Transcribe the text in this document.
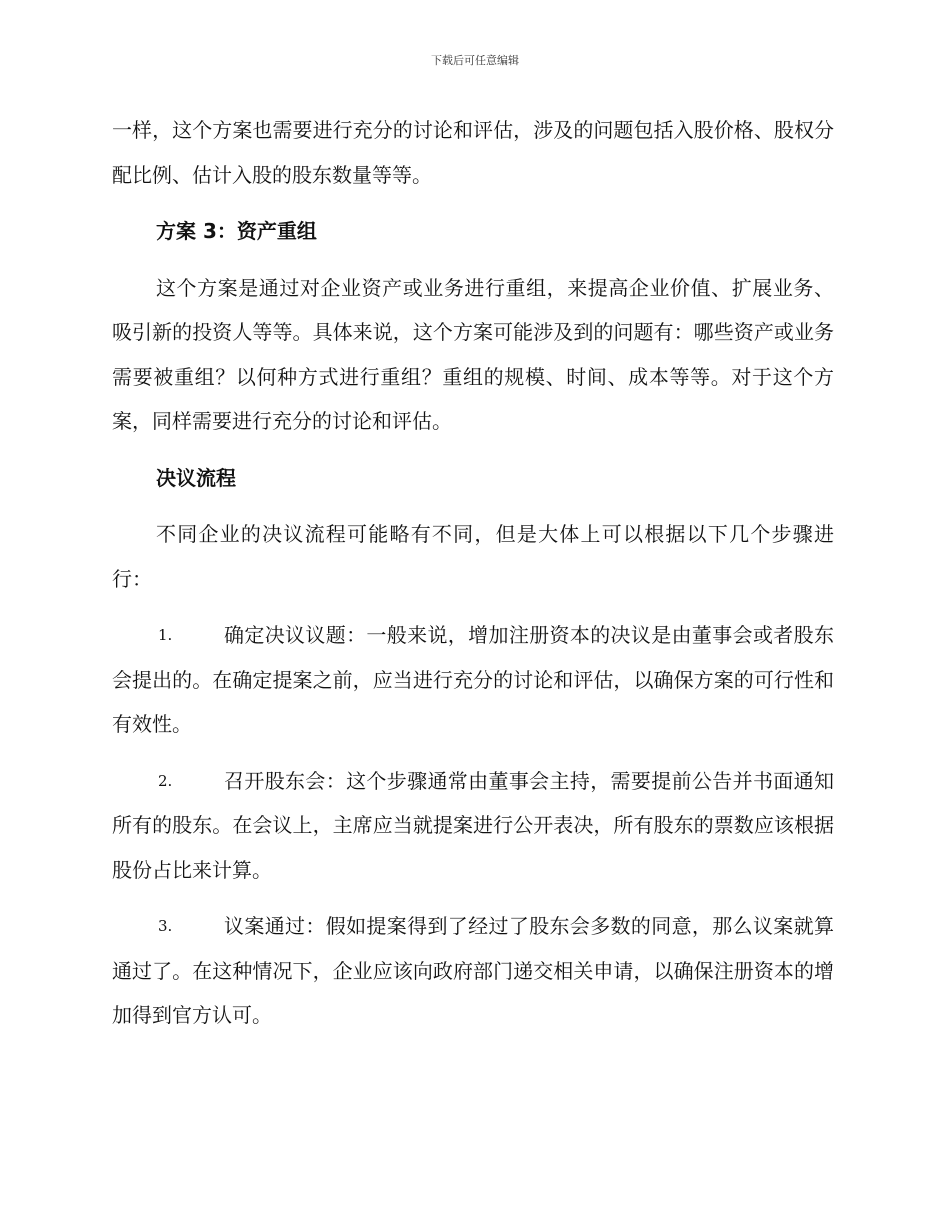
下载后可任意编辑

一样，这个方案也需要进行充分的讨论和评估，涉及的问题包括入股价格、股权分配比例、估计入股的股东数量等等。

方案 3：资产重组

这个方案是通过对企业资产或业务进行重组，来提高企业价值、扩展业务、吸引新的投资人等等。具体来说，这个方案可能涉及到的问题有：哪些资产或业务需要被重组？以何种方式进行重组？重组的规模、时间、成本等等。对于这个方案，同样需要进行充分的讨论和评估。

决议流程

不同企业的决议流程可能略有不同，但是大体上可以根据以下几个步骤进行：

1.	确定决议议题：一般来说，增加注册资本的决议是由董事会或者股东会提出的。在确定提案之前，应当进行充分的讨论和评估，以确保方案的可行性和有效性。

2.	召开股东会：这个步骤通常由董事会主持，需要提前公告并书面通知所有的股东。在会议上，主席应当就提案进行公开表决，所有股东的票数应该根据股份占比来计算。

3.	议案通过：假如提案得到了经过了股东会多数的同意，那么议案就算通过了。在这种情况下，企业应该向政府部门递交相关申请，以确保注册资本的增加得到官方认可。
